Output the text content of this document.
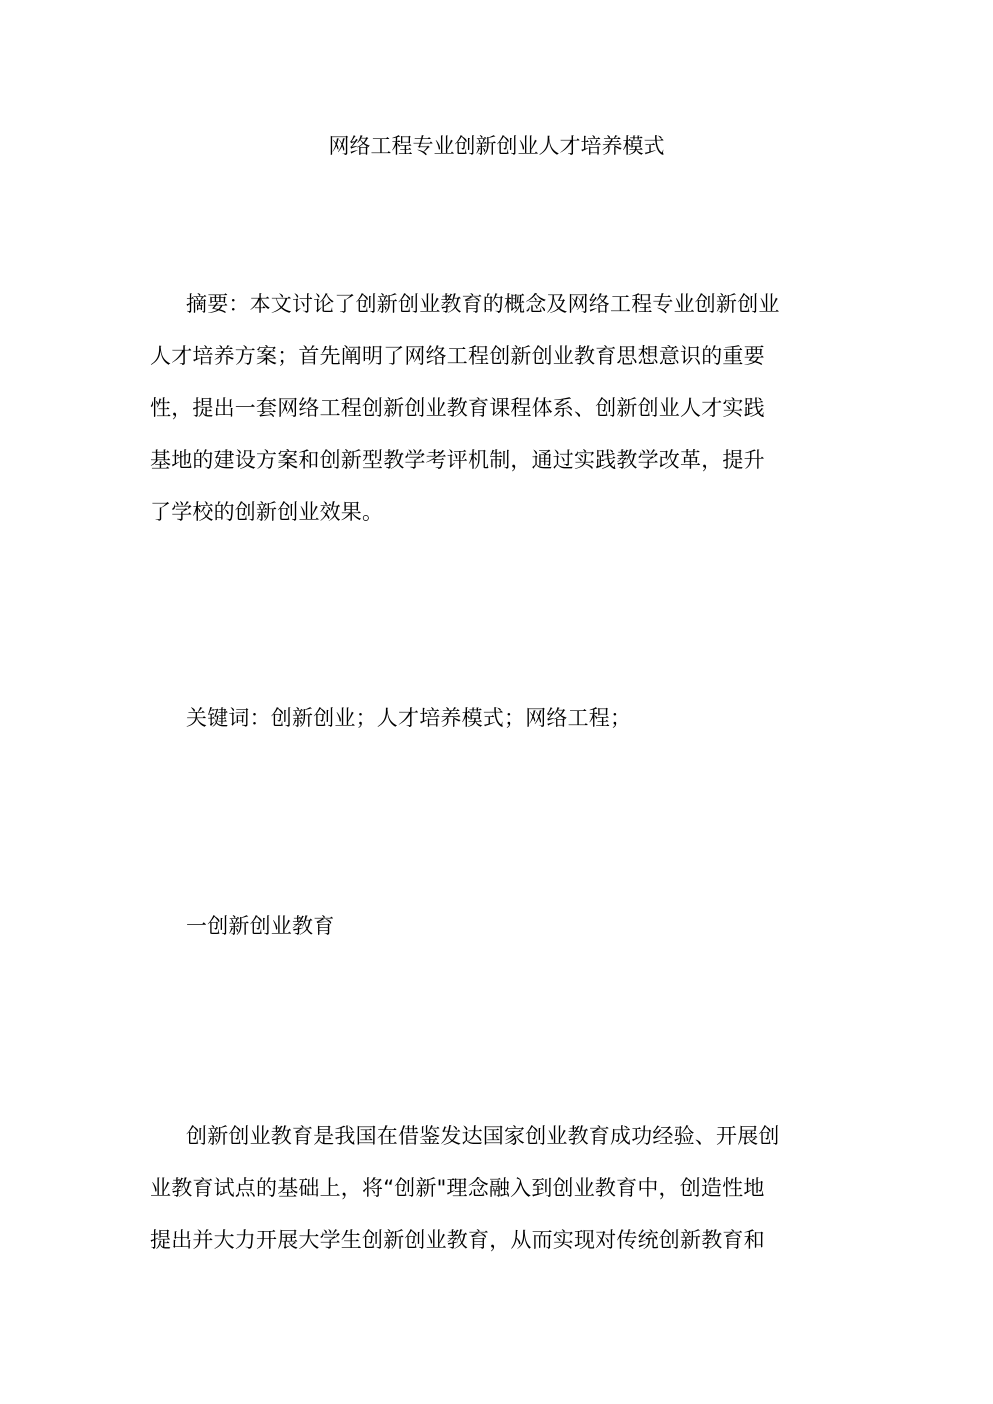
网络工程专业创新创业人才培养模式
摘要：本文讨论了创新创业教育的概念及网络工程专业创新创业
人才培养方案；首先阐明了网络工程创新创业教育思想意识的重要
性，提出一套网络工程创新创业教育课程体系、创新创业人才实践
基地的建设方案和创新型教学考评机制，通过实践教学改革，提升
了学校的创新创业效果。
关键词：创新创业；人才培养模式；网络工程；
一创新创业教育
创新创业教育是我国在借鉴发达国家创业教育成功经验、开展创
业教育试点的基础上，将“创新"理念融入到创业教育中，创造性地
提出并大力开展大学生创新创业教育，从而实现对传统创新教育和
